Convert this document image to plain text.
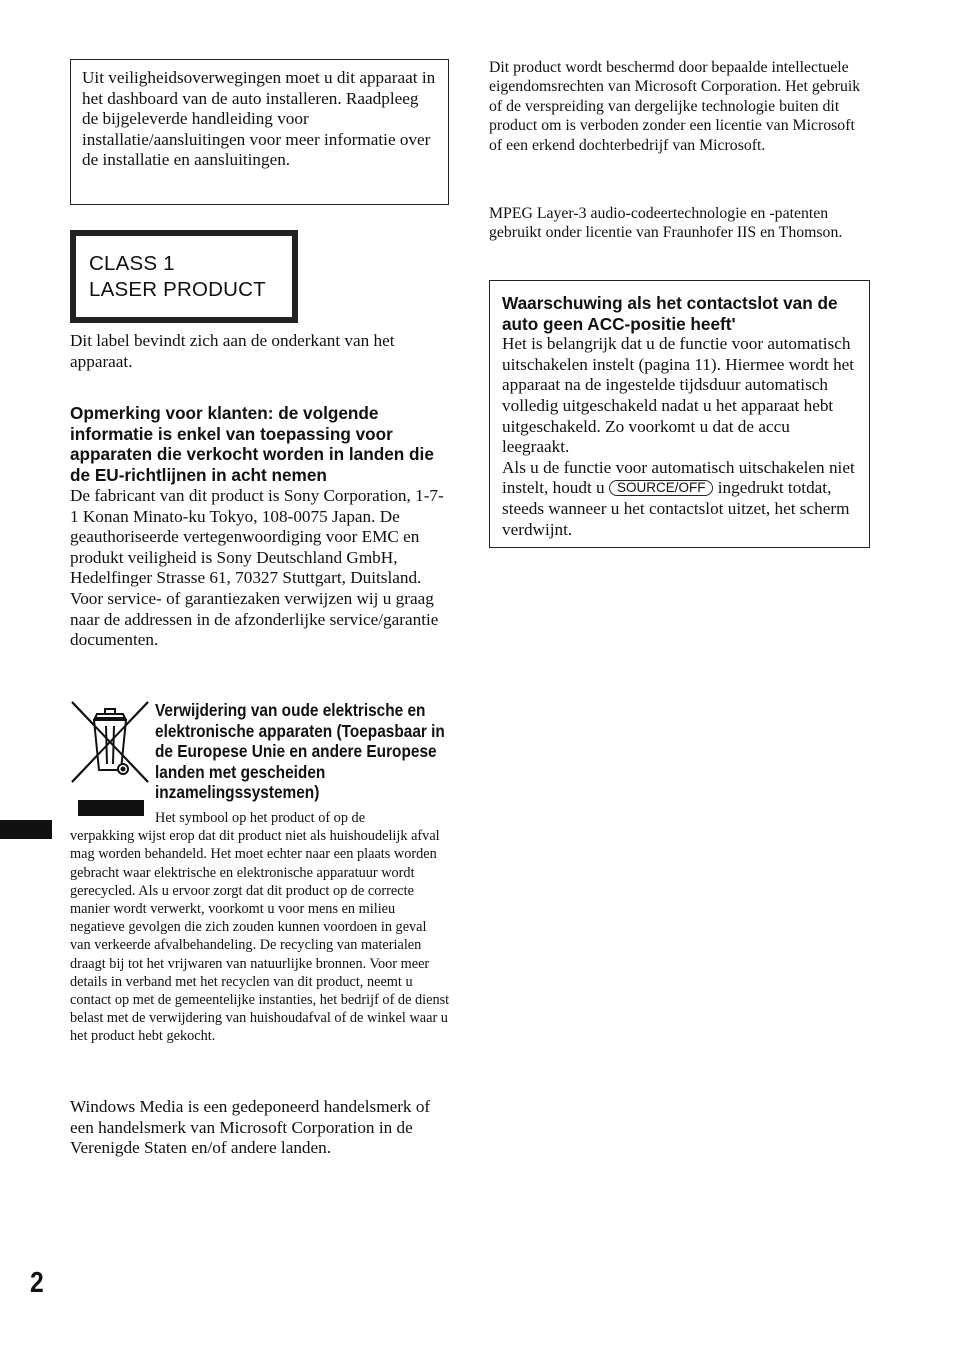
Uit veiligheidsoverwegingen moet u dit apparaat in het dashboard van de auto installeren. Raadpleeg de bijgeleverde handleiding voor installatie/aansluitingen voor meer informatie over de installatie en aansluitingen.

CLASS 1
LASER PRODUCT

Dit label bevindt zich aan de onderkant van het apparaat.

Opmerking voor klanten: de volgende informatie is enkel van toepassing voor apparaten die verkocht worden in landen die de EU-richtlijnen in acht nemen

De fabricant van dit product is Sony Corporation, 1-7-1 Konan Minato-ku Tokyo, 108-0075 Japan. De geauthoriseerde vertegenwoordiging voor EMC en produkt veiligheid is Sony Deutschland GmbH, Hedelfinger Strasse 61, 70327 Stuttgart, Duitsland. Voor service- of garantiezaken verwijzen wij u graag naar de addressen in de afzonderlijke service/garantie documenten.

Verwijdering van oude elektrische en elektronische apparaten (Toepasbaar in de Europese Unie en andere Europese landen met gescheiden inzamelingssystemen)

Het symbool op het product of op de

verpakking wijst erop dat dit product niet als huishoudelijk afval mag worden behandeld. Het moet echter naar een plaats worden gebracht waar elektrische en elektronische apparatuur wordt gerecycled. Als u ervoor zorgt dat dit product op de correcte manier wordt verwerkt, voorkomt u voor mens en milieu negatieve gevolgen die zich zouden kunnen voordoen in geval van verkeerde afvalbehandeling. De recycling van materialen draagt bij tot het vrijwaren van natuurlijke bronnen. Voor meer details in verband met het recyclen van dit product, neemt u contact op met de gemeentelijke instanties, het bedrijf of de dienst belast met de verwijdering van huishoudafval of de winkel waar u het product hebt gekocht.

Windows Media is een gedeponeerd handelsmerk of een handelsmerk van Microsoft Corporation in de Verenigde Staten en/of andere landen.

Dit product wordt beschermd door bepaalde intellectuele eigendomsrechten van Microsoft Corporation. Het gebruik of de verspreiding van dergelijke technologie buiten dit product om is verboden zonder een licentie van Microsoft of een erkend dochterbedrijf van Microsoft.

MPEG Layer-3 audio-codeertechnologie en -patenten gebruikt onder licentie van Fraunhofer IIS en Thomson.

Waarschuwing als het contactslot van de auto geen ACC-positie heeft'

Het is belangrijk dat u de functie voor automatisch uitschakelen instelt (pagina 11). Hiermee wordt het apparaat na de ingestelde tijdsduur automatisch volledig uitgeschakeld nadat u het apparaat hebt uitgeschakeld. Zo voorkomt u dat de accu leegraakt.

Als u de functie voor automatisch uitschakelen niet instelt, houdt u SOURCE/OFF ingedrukt totdat, steeds wanneer u het contactslot uitzet, het scherm verdwijnt.

2
